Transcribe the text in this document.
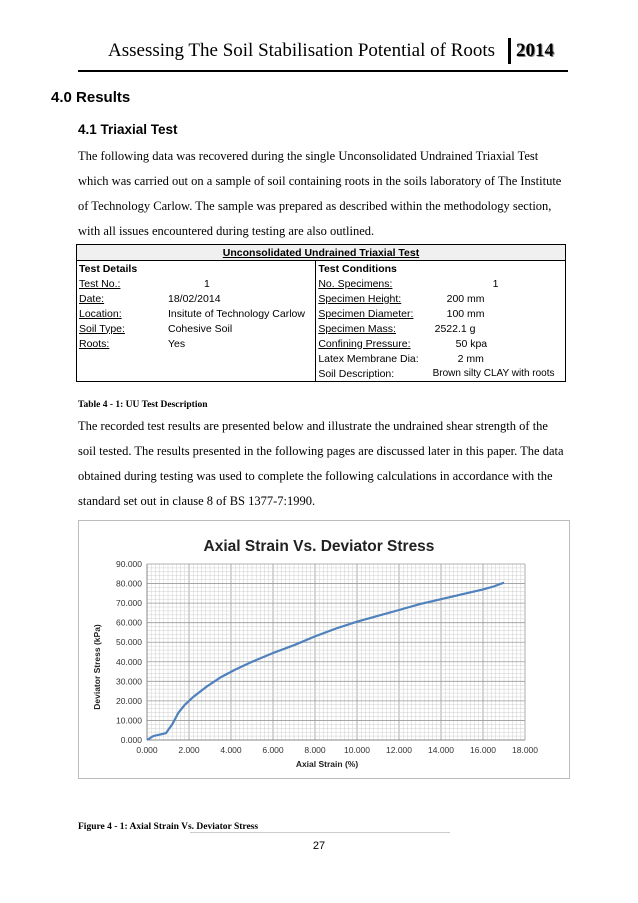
Assessing The Soil Stabilisation Potential of Roots	2014
4.0 Results
4.1 Triaxial Test

The following data was recovered during the single Unconsolidated Undrained Triaxial Test which was carried out on a sample of soil containing roots in the soils laboratory of The Institute of Technology Carlow. The sample was prepared as described within the methodology section, with all issues encountered during testing are also outlined.

Unconsolidated Undrained Triaxial Test			
Test Details		Test Conditions	
Test No.:	1	No. Specimens:	1
Date:	18/02/2014	Specimen Height:	200 mm
Location:	Insitute of Technology Carlow	Specimen Diameter:	100 mm
Soil Type:	Cohesive Soil	Specimen Mass:	2522.1 g
Roots:	Yes	Confining Pressure:	50 kpa
		Latex Membrane Dia:	2 mm
		Soil Description:	Brown silty CLAY with roots
Table 4 - 1: UU Test Description

The recorded test results are presented below and illustrate the undrained shear strength of the soil tested. The results presented in the following pages are discussed later in this paper. The data obtained during testing was used to complete the following calculations in accordance with the standard set out in clause 8 of BS 1377-7:1990.

Axial Strain Vs. Deviator Stress
Axial Strain (%)
Deviator Stress (kPa)
0.000 2.000 4.000 6.000 8.000 10.000 12.000 14.000 16.000 18.000
0.000
10.000
20.000
30.000
40.000
50.000
60.000
70.000
80.000
90.000
Figure 4 - 1: Axial Strain Vs. Deviator Stress
27
